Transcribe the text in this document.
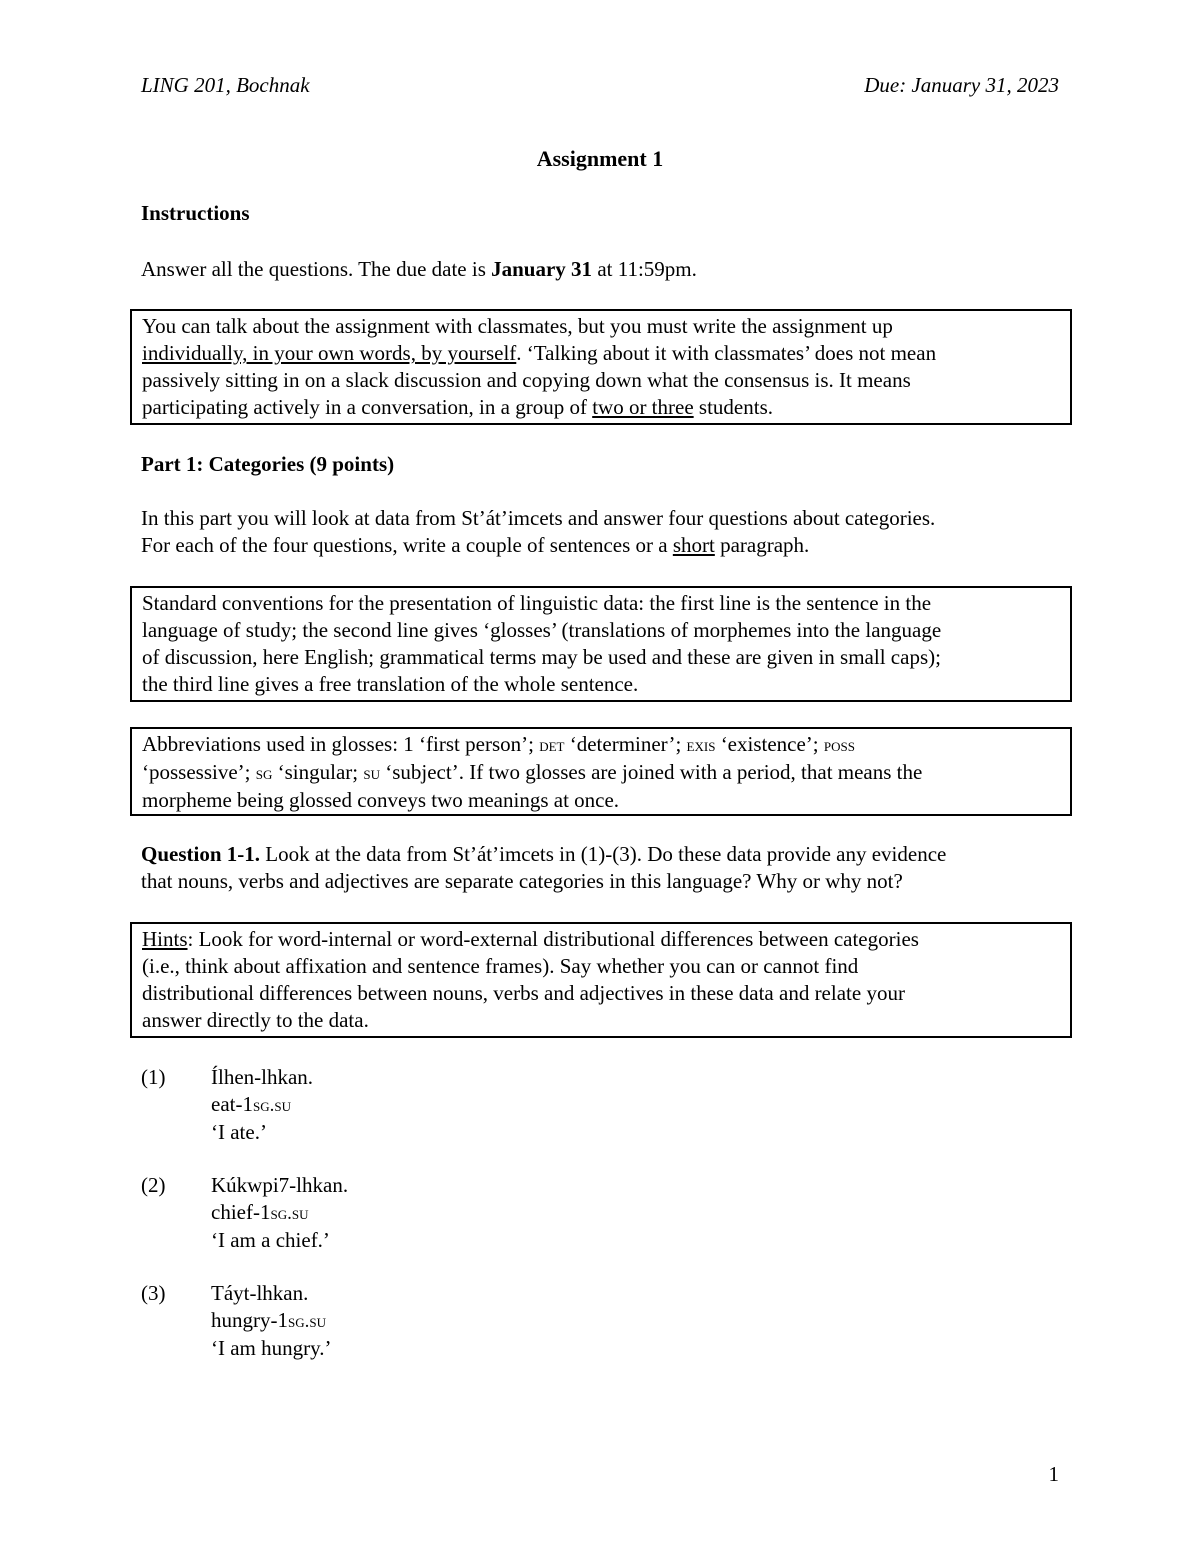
LING 201, Bochnak	Due: January 31, 2023
Assignment 1
Instructions
Answer all the questions. The due date is January 31 at 11:59pm.
You can talk about the assignment with classmates, but you must write the assignment up
individually, in your own words, by yourself. ‘Talking about it with classmates’ does not mean
passively sitting in on a slack discussion and copying down what the consensus is. It means
participating actively in a conversation, in a group of two or three students.
Part 1: Categories (9 points)
In this part you will look at data from St’át’imcets and answer four questions about categories.
For each of the four questions, write a couple of sentences or a short paragraph.
Standard conventions for the presentation of linguistic data: the first line is the sentence in the
language of study; the second line gives ‘glosses’ (translations of morphemes into the language
of discussion, here English; grammatical terms may be used and these are given in small caps);
the third line gives a free translation of the whole sentence.
Abbreviations used in glosses: 1 ‘first person’; det ‘determiner’; exis ‘existence’; poss
‘possessive’; sg ‘singular; su ‘subject’. If two glosses are joined with a period, that means the
morpheme being glossed conveys two meanings at once.
Question 1-1. Look at the data from St’át’imcets in (1)-(3). Do these data provide any evidence
that nouns, verbs and adjectives are separate categories in this language? Why or why not?
Hints: Look for word-internal or word-external distributional differences between categories
(i.e., think about affixation and sentence frames). Say whether you can or cannot find
distributional differences between nouns, verbs and adjectives in these data and relate your
answer directly to the data.
(1) Ílhen-lhkan.
eat-1sg.su
‘I ate.’
(2) Kúkwpi7-lhkan.
chief-1sg.su
‘I am a chief.’
(3) Táyt-lhkan.
hungry-1sg.su
‘I am hungry.’
1
